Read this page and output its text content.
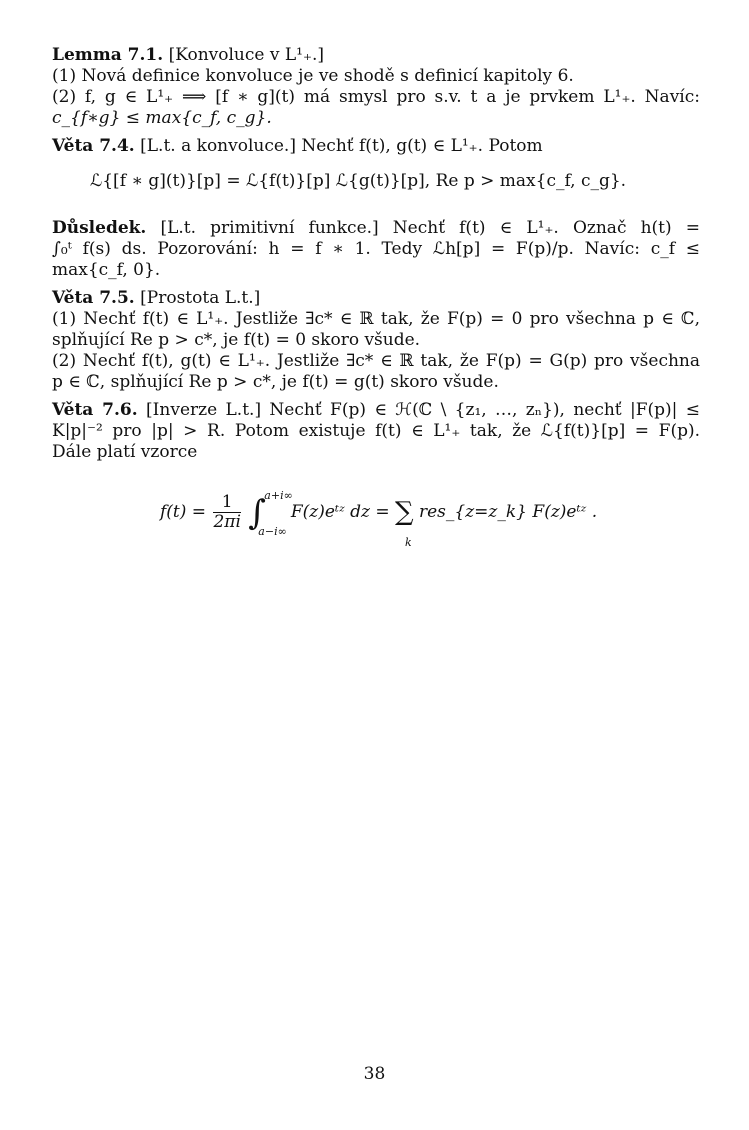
Lemma 7.1. [Konvoluce v L¹₊.]
(1) Nová definice konvoluce je ve shodě s definicí kapitoly 6.
(2) f, g ∈ L¹₊ ⟹ [f ∗ g](t) má smysl pro s.v. t a je prvkem L¹₊. Navíc:
c_{f∗g} ≤ max{c_f, c_g}.
Věta 7.4. [L.t. a konvoluce.] Nechť f(t), g(t) ∈ L¹₊. Potom
ℒ{[f ∗ g](t)}[p] = ℒ{f(t)}[p] ℒ{g(t)}[p], Re p > max{c_f, c_g}.
Důsledek. [L.t. primitivní funkce.] Nechť f(t) ∈ L¹₊. Označ h(t) =
∫₀ᵗ f(s) ds. Pozorování: h = f ∗ 1. Tedy ℒh[p] = F(p)/p. Navíc: c_f ≤
max{c_f, 0}.
Věta 7.5. [Prostota L.t.]
(1) Nechť f(t) ∈ L¹₊. Jestliže ∃c* ∈ ℝ tak, že F(p) = 0 pro všechna p ∈ ℂ,
splňující Re p > c*, je f(t) = 0 skoro všude.
(2) Nechť f(t), g(t) ∈ L¹₊. Jestliže ∃c* ∈ ℝ tak, že F(p) = G(p) pro všechna
p ∈ ℂ, splňující Re p > c*, je f(t) = g(t) skoro všude.
Věta 7.6. [Inverze L.t.] Nechť F(p) ∈ ℋ(ℂ \ {z₁, …, zₙ}), nechť |F(p)| ≤
K|p|⁻² pro |p| > R. Potom existuje f(t) ∈ L¹₊ tak, že ℒ{f(t)}[p] = F(p).
Dále platí vzorce
$f(t) = \frac{1}{2\pi i}$ ∫
a+i∞
a−i∞
F(z)eᵗᶻ dz = ∑
k
res_{z=z_k} F(z)eᵗᶻ .
38
